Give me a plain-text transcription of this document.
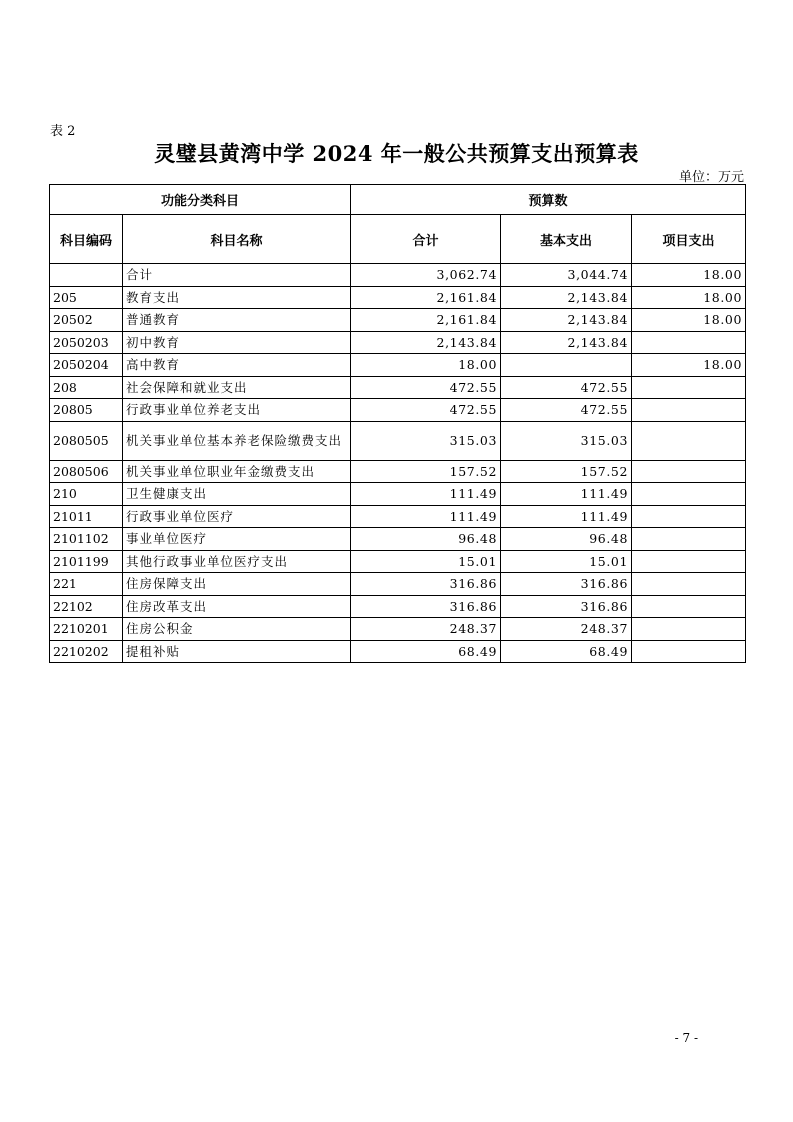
表 2
灵璧县黄湾中学 2024 年一般公共预算支出预算表
单位：万元
功能分类科目		预算数		
科目编码	科目名称	合计	基本支出	项目支出
	合计	3,062.74	3,044.74	18.00
205	教育支出	2,161.84	2,143.84	18.00
20502	普通教育	2,161.84	2,143.84	18.00
2050203	初中教育	2,143.84	2,143.84	
2050204	高中教育	18.00		18.00
208	社会保障和就业支出	472.55	472.55	
20805	行政事业单位养老支出	472.55	472.55	
2080505	机关事业单位基本养老保险缴费支出	315.03	315.03	
2080506	机关事业单位职业年金缴费支出	157.52	157.52	
210	卫生健康支出	111.49	111.49	
21011	行政事业单位医疗	111.49	111.49	
2101102	事业单位医疗	96.48	96.48	
2101199	其他行政事业单位医疗支出	15.01	15.01	
221	住房保障支出	316.86	316.86	
22102	住房改革支出	316.86	316.86	
2210201	住房公积金	248.37	248.37	
2210202	提租补贴	68.49	68.49	
- 7 -
